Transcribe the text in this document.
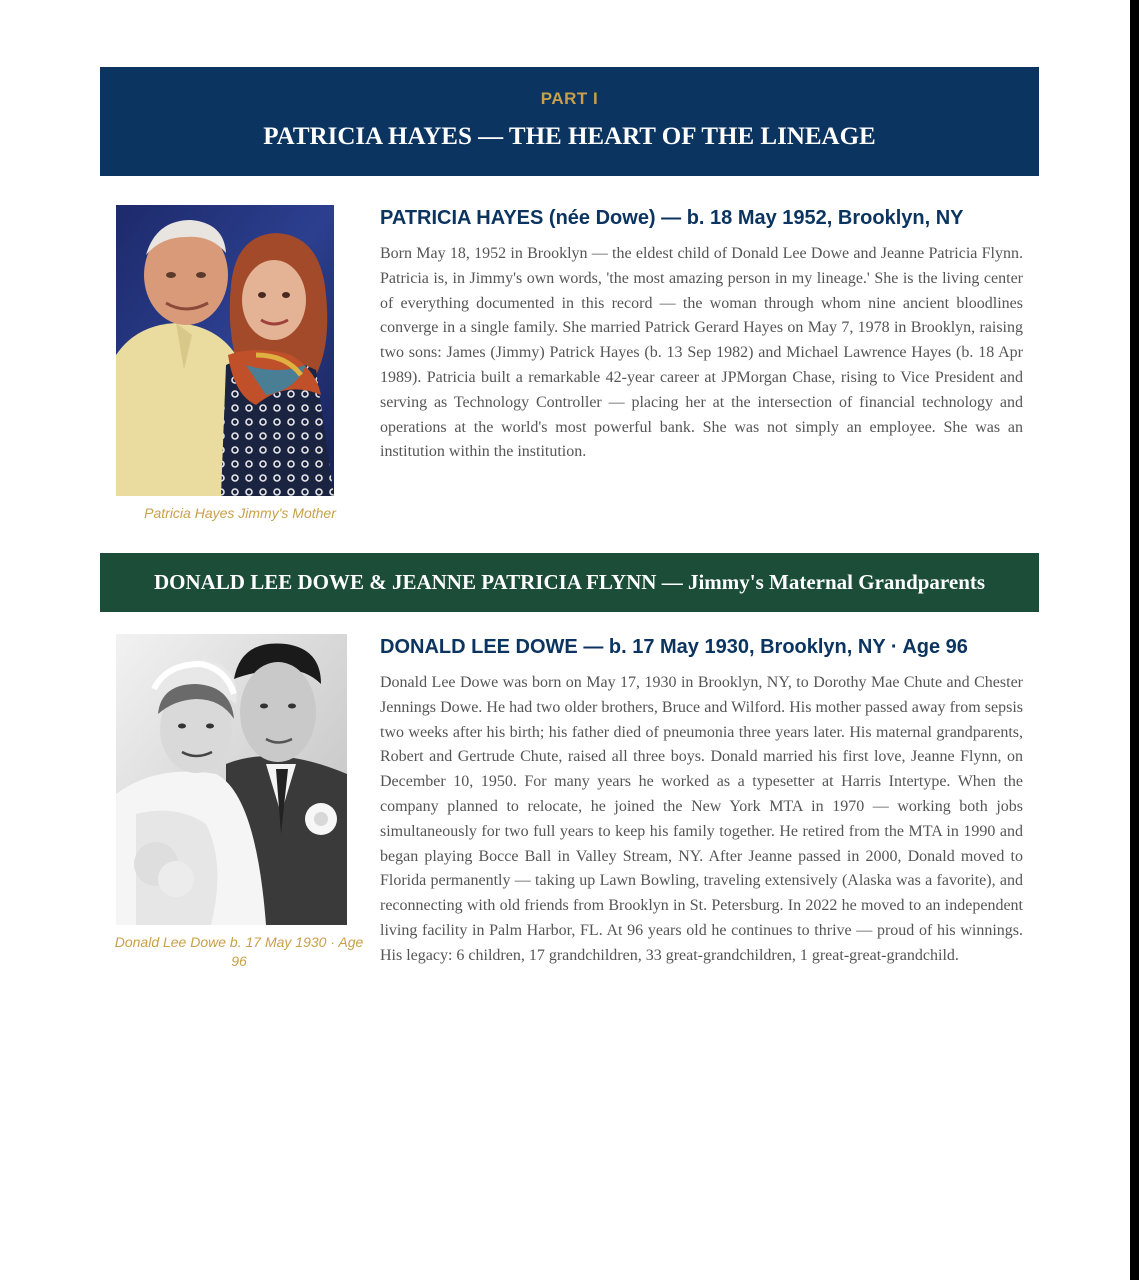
PART I
PATRICIA HAYES — THE HEART OF THE LINEAGE
Patricia Hayes Jimmy's Mother
PATRICIA HAYES (née Dowe) — b. 18 May 1952, Brooklyn, NY

Born May 18, 1952 in Brooklyn — the eldest child of Donald Lee Dowe and Jeanne Patricia Flynn. Patricia is, in Jimmy's own words, 'the most amazing person in my lineage.' She is the living center of everything documented in this record — the woman through whom nine ancient bloodlines converge in a single family. She married Patrick Gerard Hayes on May 7, 1978 in Brooklyn, raising two sons: James (Jimmy) Patrick Hayes (b. 13 Sep 1982) and Michael Lawrence Hayes (b. 18 Apr 1989). Patricia built a remarkable 42-year career at JPMorgan Chase, rising to Vice President and serving as Technology Controller — placing her at the intersection of financial technology and operations at the world's most powerful bank. She was not simply an employee. She was an institution within the institution.

DONALD LEE DOWE & JEANNE PATRICIA FLYNN — Jimmy's Maternal Grandparents
Donald Lee Dowe b. 17 May 1930 · Age 96
DONALD LEE DOWE — b. 17 May 1930, Brooklyn, NY · Age 96

Donald Lee Dowe was born on May 17, 1930 in Brooklyn, NY, to Dorothy Mae Chute and Chester Jennings Dowe. He had two older brothers, Bruce and Wilford. His mother passed away from sepsis two weeks after his birth; his father died of pneumonia three years later. His maternal grandparents, Robert and Gertrude Chute, raised all three boys. Donald married his first love, Jeanne Flynn, on December 10, 1950. For many years he worked as a typesetter at Harris Intertype. When the company planned to relocate, he joined the New York MTA in 1970 — working both jobs simultaneously for two full years to keep his family together. He retired from the MTA in 1990 and began playing Bocce Ball in Valley Stream, NY. After Jeanne passed in 2000, Donald moved to Florida permanently — taking up Lawn Bowling, traveling extensively (Alaska was a favorite), and reconnecting with old friends from Brooklyn in St. Petersburg. In 2022 he moved to an independent living facility in Palm Harbor, FL. At 96 years old he continues to thrive — proud of his winnings. His legacy: 6 children, 17 grandchildren, 33 great-grandchildren, 1 great-great-grandchild.
